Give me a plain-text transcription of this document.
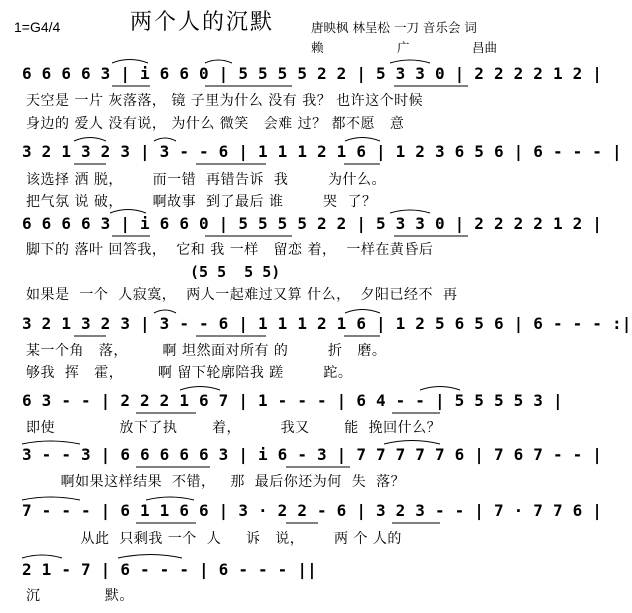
1=G4/4	两个人的沉默	唐映枫 林呈松 一刀 音乐会 词
赖	广	昌曲
6 6 6 6 3 | i 6 6 0 | 5 5 5 5 2 2 | 5 3 3 0 | 2 2 2 2 1 2 |
天空是 一片 灰落落， 镜 子里为什么 没有 我？ 也许这个时候
身边的 爱人 没有说， 为什么 微笑   会难 过？ 都不愿   意
3 2 1 3 2 3 | 3 - - 6 | 1 1 1 2 1 6 | 1 2 3 6 5 6 | 6 - - - |
该选择 洒 脱，      而一错  再错告诉  我        为什么。
把气氛 说 破，      啊故事  到了最后 谁        哭  了？
6 6 6 6 3 | i 6 6 0 | 5 5 5 5 2 2 | 5 3 3 0 | 2 2 2 2 1 2 |
脚下的 落叶 回答我，  它和 我 一样   留恋 着，  一样在黄昏后
(5 5  5 5)
如果是  一个  人寂寞，  两人一起难过又算 什么，  夕阳已经不  再
3 2 1 3 2 3 | 3 - - 6 | 1 1 1 2 1 6 | 1 2 5 6 5 6 | 6 - - - :|
某一个角   落，       啊 坦然面对所有 的        折   磨。
够我  挥   霍，       啊 留下轮廓陪我 蹉        跎。
6 3 - - | 2 2 2 1 6 7 | 1 - - - | 6 4 - - | 5 5 5 5 3 |
即使             放下了执       着，        我又       能  挽回什么？
3 - - 3 | 6 6 6 6 6 3 | i 6 - 3 | 7 7 7 7 7 6 | 7 6 7 - - |
啊如果这样结果  不错，   那  最后你还为何  失  落？
7 - - - | 6 1 1 6 6 | 3 · 2 2 - 6 | 3 2 3 - - | 7 · 7 7 6 |
从此  只剩我 一个  人     诉   说，      两 个 人的
2 1 - 7 | 6 - - - | 6 - - - ||
沉             默。
